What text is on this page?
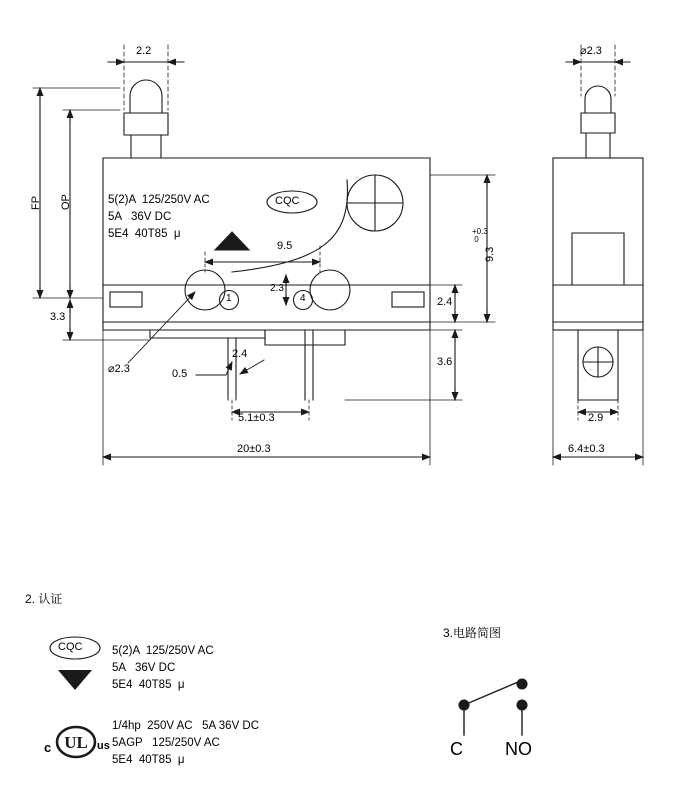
UL
5(2)A  125/250V AC
5A   36V DC
5E4  40T85  μ
CQC
1	4
2.2
FP OP
3.3
⌀2.3	0.5
2.4
9.5
2.3
2.4
3.6
9.3
+0.3
0
5.1±0.3
20±0.3
⌀2.3
2.9
6.4±0.3
2. 认证
CQC	5(2)A  125/250V AC
5A   36V DC
5E4  40T85  μ
c	us
1/4hp  250V AC   5A 36V DC
5AGP   125/250V AC
5E4  40T85  μ
3.电路简图
C NO
